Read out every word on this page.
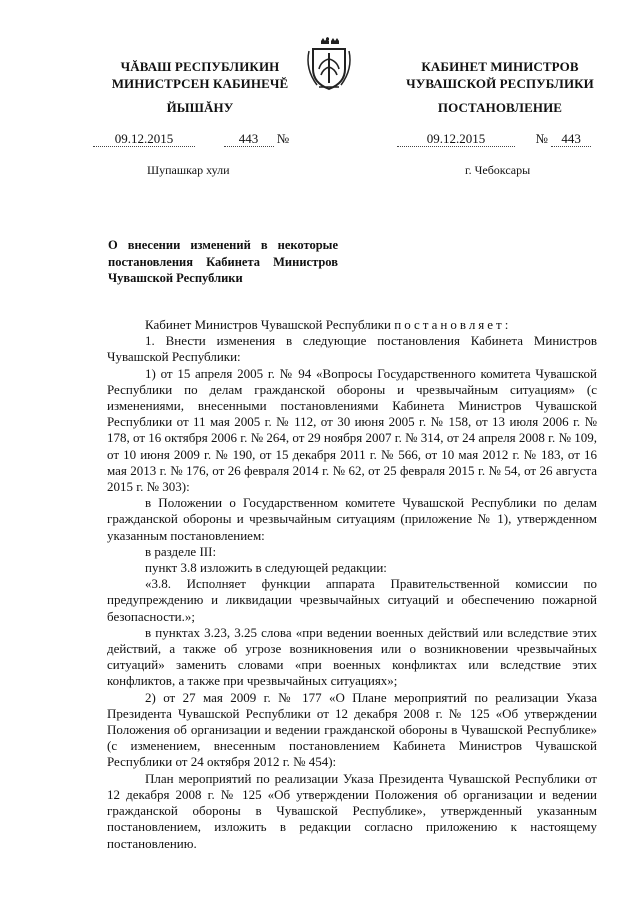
ЧĂВАШ РЕСПУБЛИКИН
МИНИСТРСЕН КАБИНЕЧĔ
ЙЫШĂНУ
КАБИНЕТ МИНИСТРОВ
ЧУВАШСКОЙ РЕСПУБЛИКИ
ПОСТАНОВЛЕНИЕ
09.12.2015	443 №	09.12.2015	№ 443
Шупашкар хули	г. Чебоксары
О внесении изменений в некоторые постановления Кабинета Министров Чувашской Республики

Кабинет Министров Чувашской Республики постановляет:

1. Внести изменения в следующие постановления Кабинета Министров Чувашской Республики:

1) от 15 апреля 2005 г. № 94 «Вопросы Государственного комитета Чувашской Республики по делам гражданской обороны и чрезвычайным ситуациям» (с изменениями, внесенными постановлениями Кабинета Министров Чувашской Республики от 11 мая 2005 г. № 112, от 30 июня 2005 г. № 158, от 13 июля 2006 г. № 178, от 16 октября 2006 г. № 264, от 29 ноября 2007 г. № 314, от 24 апреля 2008 г. № 109, от 10 июня 2009 г. № 190, от 15 декабря 2011 г. № 566, от 10 мая 2012 г. № 183, от 16 мая 2013 г. № 176, от 26 февраля 2014 г. № 62, от 25 февраля 2015 г. № 54, от 26 августа 2015 г. № 303):

в Положении о Государственном комитете Чувашской Республики по делам гражданской обороны и чрезвычайным ситуациям (приложение № 1), утвержденном указанным постановлением:

в разделе III:

пункт 3.8 изложить в следующей редакции:

«3.8. Исполняет функции аппарата Правительственной комиссии по предупреждению и ликвидации чрезвычайных ситуаций и обеспечению пожарной безопасности.»;

в пунктах 3.23, 3.25 слова «при ведении военных действий или вследствие этих действий, а также об угрозе возникновения или о возникновении чрезвычайных ситуаций» заменить словами «при военных конфликтах или вследствие этих конфликтов, а также при чрезвычайных ситуациях»;

2) от 27 мая 2009 г. № 177 «О Плане мероприятий по реализации Указа Президента Чувашской Республики от 12 декабря 2008 г. № 125 «Об утверждении Положения об организации и ведении гражданской обороны в Чувашской Республике» (с изменением, внесенным постановлением Кабинета Министров Чувашской Республики от 24 октября 2012 г. № 454):

План мероприятий по реализации Указа Президента Чувашской Республики от 12 декабря 2008 г. № 125 «Об утверждении Положения об организации и ведении гражданской обороны в Чувашской Республике», утвержденный указанным постановлением, изложить в редакции согласно приложению к настоящему постановлению.
